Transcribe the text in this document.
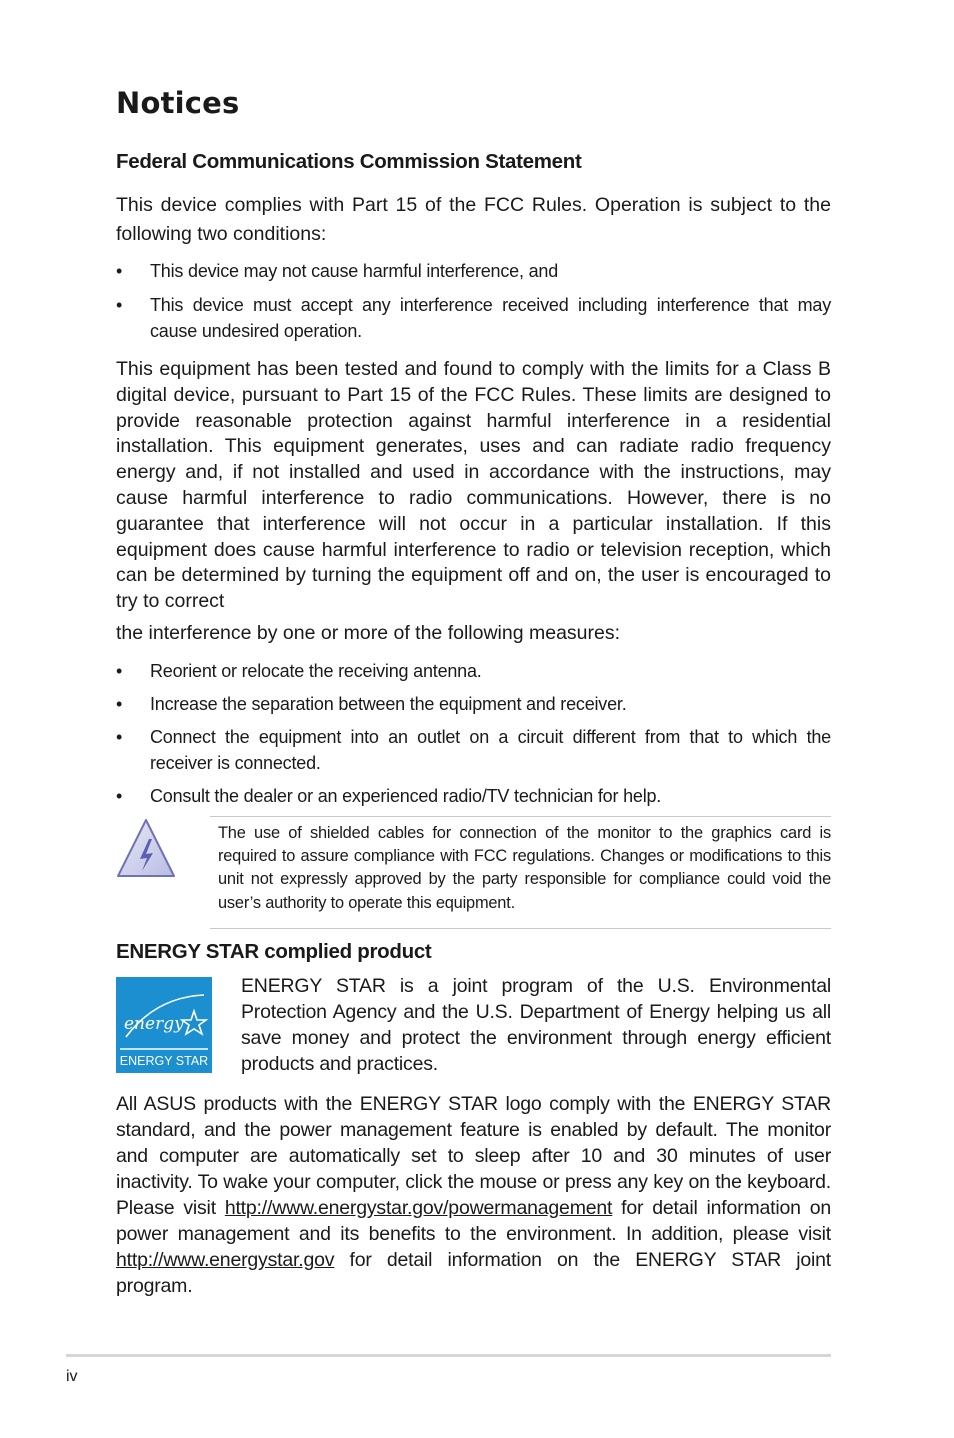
Notices
Federal Communications Commission Statement

This device complies with Part 15 of the FCC Rules. Operation is subject to the following two conditions:

• This device may not cause harmful interference, and
• This device must accept any interference received including interference that may cause undesired operation.

This equipment has been tested and found to comply with the limits for a Class B digital device, pursuant to Part 15 of the FCC Rules. These limits are designed to provide reasonable protection against harmful interference in a residential installation. This equipment generates, uses and can radiate radio frequency energy and, if not installed and used in accordance with the instructions, may cause harmful interference to radio communications. However, there is no guarantee that interference will not occur in a particular installation. If this equipment does cause harmful interference to radio or television reception, which can be determined by turning the equipment off and on, the user is encouraged to try to correct

the interference by one or more of the following measures:

• Reorient or relocate the receiving antenna.
• Increase the separation between the equipment and receiver.
• Connect the equipment into an outlet on a circuit different from that to which the receiver is connected.
• Consult the dealer or an experienced radio/TV technician for help.

The use of shielded cables for connection of the monitor to the graphics card is required to assure compliance with FCC regulations. Changes or modifications to this unit not expressly approved by the party responsible for compliance could void the user’s authority to operate this equipment.

ENERGY STAR complied product
energy
ENERGY STAR

ENERGY STAR is a joint program of the U.S. Environmental Protection Agency and the U.S. Department of Energy helping us all save money and protect the environment through energy efficient products and practices.

All ASUS products with the ENERGY STAR logo comply with the ENERGY STAR standard, and the power management feature is enabled by default. The monitor and computer are automatically set to sleep after 10 and 30 minutes of user inactivity. To wake your computer, click the mouse or press any key on the keyboard. Please visit http://www.energystar.gov/powermanagement for detail information on power management and its benefits to the environment. In addition, please visit http://www.energystar.gov for detail information on the ENERGY STAR joint program.

iv
